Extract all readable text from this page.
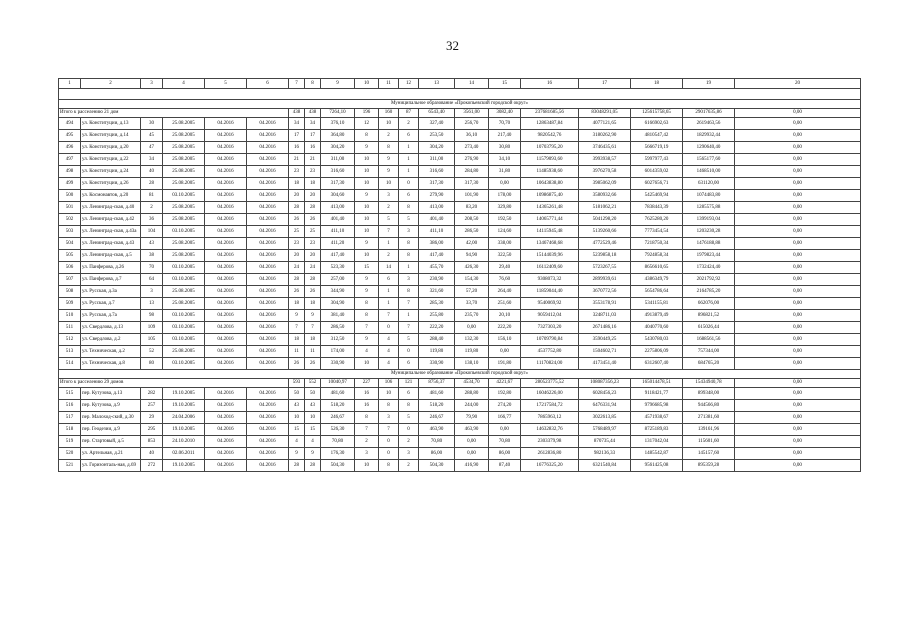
32
1	2	3	4	5	6	7	8	9	10	11	12	13	14	15	16	17	18	19	20

Муниципальное образование «Прокопьевский городской округ»																			
Итого к расселению 21 дом						438	438	7264,10	196	160	87	6543,40	3561,00	3082,40	237681685,56	83048291,05	125615758,65	29017635,86	0,00
494	ул. Конституции, д.13	30	25.08.2005	04.2016	04.2016	34	34	376,10	12	10	2	327,40	256,70	70,70	12863487,84	4077121,65	6166902,63	2619463,56	0,00
495	ул. Конституции, д.14	45	25.08.2005	04.2016	04.2016	17	17	364,80	8	2	6	253,50	36,10	217,40	9820542,76	3180262,90	4810547,42	1829932,44	0,00
496	ул. Конституции, д.20	47	25.08.2005	04.2016	04.2016	16	16	304,20	9	8	1	304,20	273,40	30,80	10703795,20	3746435,61	5666719,19	1290640,40	0,00
497	ул. Конституции, д.22	34	25.08.2005	04.2016	04.2016	21	21	311,00	10	9	1	311,00	276,90	34,10	11579093,60	3993938,57	5997977,43	1565177,60	0,00
498	ул. Конституции, д.24	40	25.08.2005	04.2016	04.2016	23	23	316,60	10	9	1	316,60	284,80	31,80	11485938,60	3976270,58	6014359,02	1468510,00	0,00
499	ул. Конституции, д.26	28	25.08.2005	04.2016	04.2016	18	18	317,30	10	10	0	317,30	317,30	0,00	10643838,80	3985062,09	6027656,71	631120,00	0,00
500	ул. Космонавтов, д.20	81	03.10.2005	04.2016	04.2016	20	20	304,60	9	3	6	279,90	101,90	178,00	10986875,40	3580932,66	5425469,94	1074483,80	0,00
501	ул. Ленинград-ская, д.40	2	25.08.2005	04.2016	04.2016	28	28	413,00	10	2	8	413,00	83,20	329,80	14365261,48	5181062,21	7838443,39	1285575,88	0,00
502	ул. Ленинград-ская, д.42	36	25.08.2005	04.2016	04.2016	26	26	401,40	10	5	5	401,40	208,50	192,50	14065771,44	5041298,20	7625280,20	1399193,04	0,00
503	ул. Ленинград-ская, д.43а	104	03.10.2005	04.2016	04.2016	25	25	411,10	10	7	3	411,10	286,50	124,60	14115945,48	5139260,66	7773454,54	1203230,28	0,00
504	ул. Ленинград-ская, д.43	43	25.08.2005	04.2016	04.2016	23	23	411,20	9	1	8	386,00	42,00	338,00	13467468,68	4772529,46	7218750,34	1476188,88	0,00
505	ул. Ленинград-ская, д.5	38	25.08.2005	04.2016	04.2016	20	20	417,40	10	2	8	417,40	94,90	322,50	15144039,96	5239858,18	7924858,34	1979823,44	0,00
506	ул. Панферова, д.26	70	03.10.2005	04.2016	04.2016	24	24	523,30	15	14	1	455,70	426,30	29,40	16112409,60	5723267,55	8656610,65	1732424,40	0,00
507	ул. Панферова, д.7	64	03.10.2005	04.2016	04.2016	28	28	257,00	9	6	3	230,90	154,30	76,60	9308073,32	2899939,61	4386349,79	2021792,92	0,00
508	ул. Русская, д.3а	3	25.08.2005	04.2016	04.2016	26	26	344,90	9	1	8	321,60	57,20	264,40	11859044,40	3670772,56	5654786,64	2164785,20	0,00
509	ул. Русская, д.7	13	25.08.2005	04.2016	04.2016	18	18	304,90	8	1	7	285,30	33,70	251,60	9540069,92	3553178,91	5341155,81	662076,00	0,00
510	ул. Русская, д.7а	98	03.10.2005	04.2016	04.2016	9	9	381,40	8	7	1	255,80	235,70	20,10	9059412,04	3248711,03	4913879,49	896821,52	0,00
511	ул. Свердлова, д.13	109	03.10.2005	04.2016	04.2016	7	7	286,50	7	0	7	222,20	0,00	222,20	7327303,20	2671486,16	4040770,60	615026,44	0,00
512	ул. Свердлова, д.2	105	03.10.2005	04.2016	04.2016	18	18	312,50	9	4	5	288,40	132,30	156,10	10709790,84	3590449,25	5430780,03	1688561,56	0,00
513	ул. Техническая, д.2	52	25.08.2005	04.2016	04.2016	11	11	174,00	4	4	0	119,80	119,80	0,00	4537752,80	1504602,71	2275806,09	757344,00	0,00
514	ул. Техническая, д.8	80	03.10.2005	04.2016	04.2016	26	26	330,90	10	4	6	330,90	138,10	191,80	11170824,00	4173451,40	6312607,40	684765,20	0,00
Муниципальное образование «Прокопьевский городской округ»																			
Итого к расселению 29 домов						593	552	10040,97	227	106	121	8756,37	4534,70	4221,67	280523775,52	108087356,23	165014478,51	15434940,78	0,00
515	пер. Кутузова, д.13	282	19.10.2005	04.2016	04.2016	50	50	481,60	16	10	6	481,60	288,80	192,80	16046226,00	6028456,23	9118421,77	899348,00	0,00
516	пер. Кутузова, д.9	257	19.10.2005	04.2016	04.2016	43	43	518,20	16	8	8	518,20	244,00	274,20	17217584,72	6476331,94	9796685,98	944566,80	0,00
517	пер. Малоход-ский, д.30	29	24.04.2006	04.2016	04.2016	10	10	246,67	8	3	5	246,67	79,90	166,77	7865963,12	3022613,85	4571938,67	271381,60	0,00
518	пер. Геодезии, д.9	295	19.10.2005	04.2016	04.2016	15	15	526,30	7	7	0	463,90	463,90	0,00	14632832,76	5768489,97	8725189,83	139161,96	0,00
519	пер. Стартовый, д.5	853	24.10.2010	04.2016	04.2016	4	4	70,80	2	0	2	70,80	0,00	70,80	2303379,98	870735,44	1317042,04	115601,60	0,00
520	ул. Артельная, д.21	40	02.06.2011	04.2016	04.2016	9	9	176,30	3	0	3	86,00	0,00	86,00	2612836,80	982136,33	1485542,87	145157,60	0,00
521	ул. Горизонталь-ная, д.69	272	19.10.2005	04.2016	04.2016	28	28	504,30	10	8	2	504,30	416,90	87,40	16776325,20	6321540,84	9561425,08	895359,28	0,00
